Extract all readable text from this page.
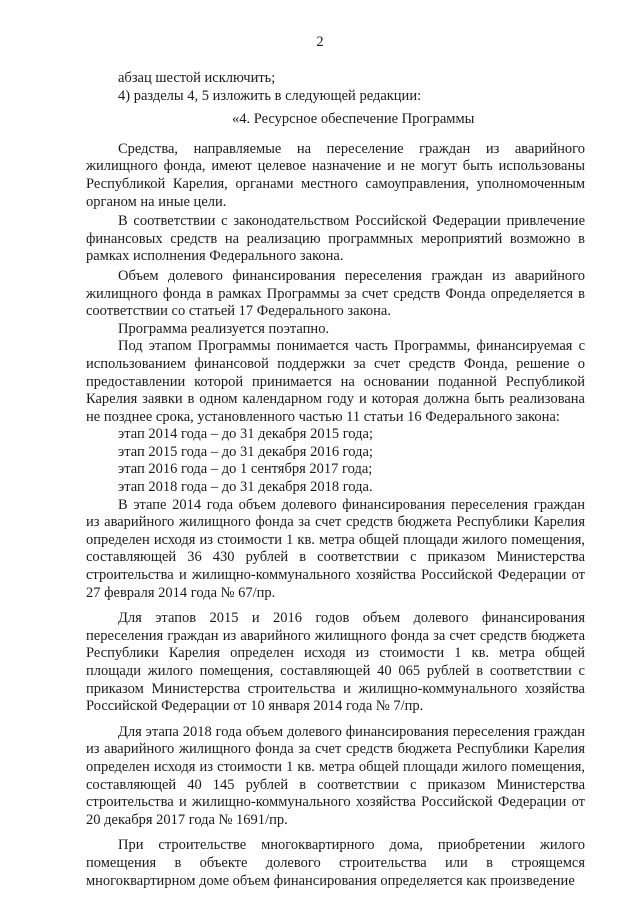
2

абзац шестой исключить;

4) разделы 4, 5 изложить в следующей редакции:

«4. Ресурсное обеспечение Программы

Средства, направляемые на переселение граждан из аварийного жилищного фонда, имеют целевое назначение и не могут быть использованы Республикой Карелия, органами местного самоуправления, уполномоченным органом на иные цели.

В соответствии с законодательством Российской Федерации привлечение финансовых средств на реализацию программных мероприятий возможно в рамках исполнения Федерального закона.

Объем долевого финансирования переселения граждан из аварийного жилищного фонда в рамках Программы за счет средств Фонда определяется в соответствии со статьей 17 Федерального закона.

Программа реализуется поэтапно.

Под этапом Программы понимается часть Программы, финансируемая с использованием финансовой поддержки за счет средств Фонда, решение о предоставлении которой принимается на основании поданной Республикой Карелия заявки в одном календарном году и которая должна быть реализована не позднее срока, установленного частью 11 статьи 16 Федерального закона:

этап 2014 года – до 31 декабря 2015 года;

этап 2015 года – до 31 декабря 2016 года;

этап 2016 года – до 1 сентября 2017 года;

этап 2018 года – до 31 декабря 2018 года.

В этапе 2014 года объем долевого финансирования переселения граждан из аварийного жилищного фонда за счет средств бюджета Республики Карелия определен исходя из стоимости 1 кв. метра общей площади жилого помещения, составляющей 36 430 рублей в соответствии с приказом Министерства строительства и жилищно-коммунального хозяйства Российской Федерации от 27 февраля 2014 года № 67/пр.

Для этапов 2015 и 2016 годов объем долевого финансирования переселения граждан из аварийного жилищного фонда за счет средств бюджета Республики Карелия определен исходя из стоимости 1 кв. метра общей площади жилого помещения, составляющей 40 065 рублей в соответствии с приказом Министерства строительства и жилищно-коммунального хозяйства Российской Федерации от 10 января 2014 года № 7/пр.

Для этапа 2018 года объем долевого финансирования переселения граждан из аварийного жилищного фонда за счет средств бюджета Республики Карелия определен исходя из стоимости 1 кв. метра общей площади жилого помещения, составляющей 40 145 рублей в соответствии с приказом Министерства строительства и жилищно-коммунального хозяйства Российской Федерации от 20 декабря 2017 года № 1691/пр.

При строительстве многоквартирного дома, приобретении жилого помещения в объекте долевого строительства или в строящемся многоквартирном доме объем финансирования определяется как произведение
